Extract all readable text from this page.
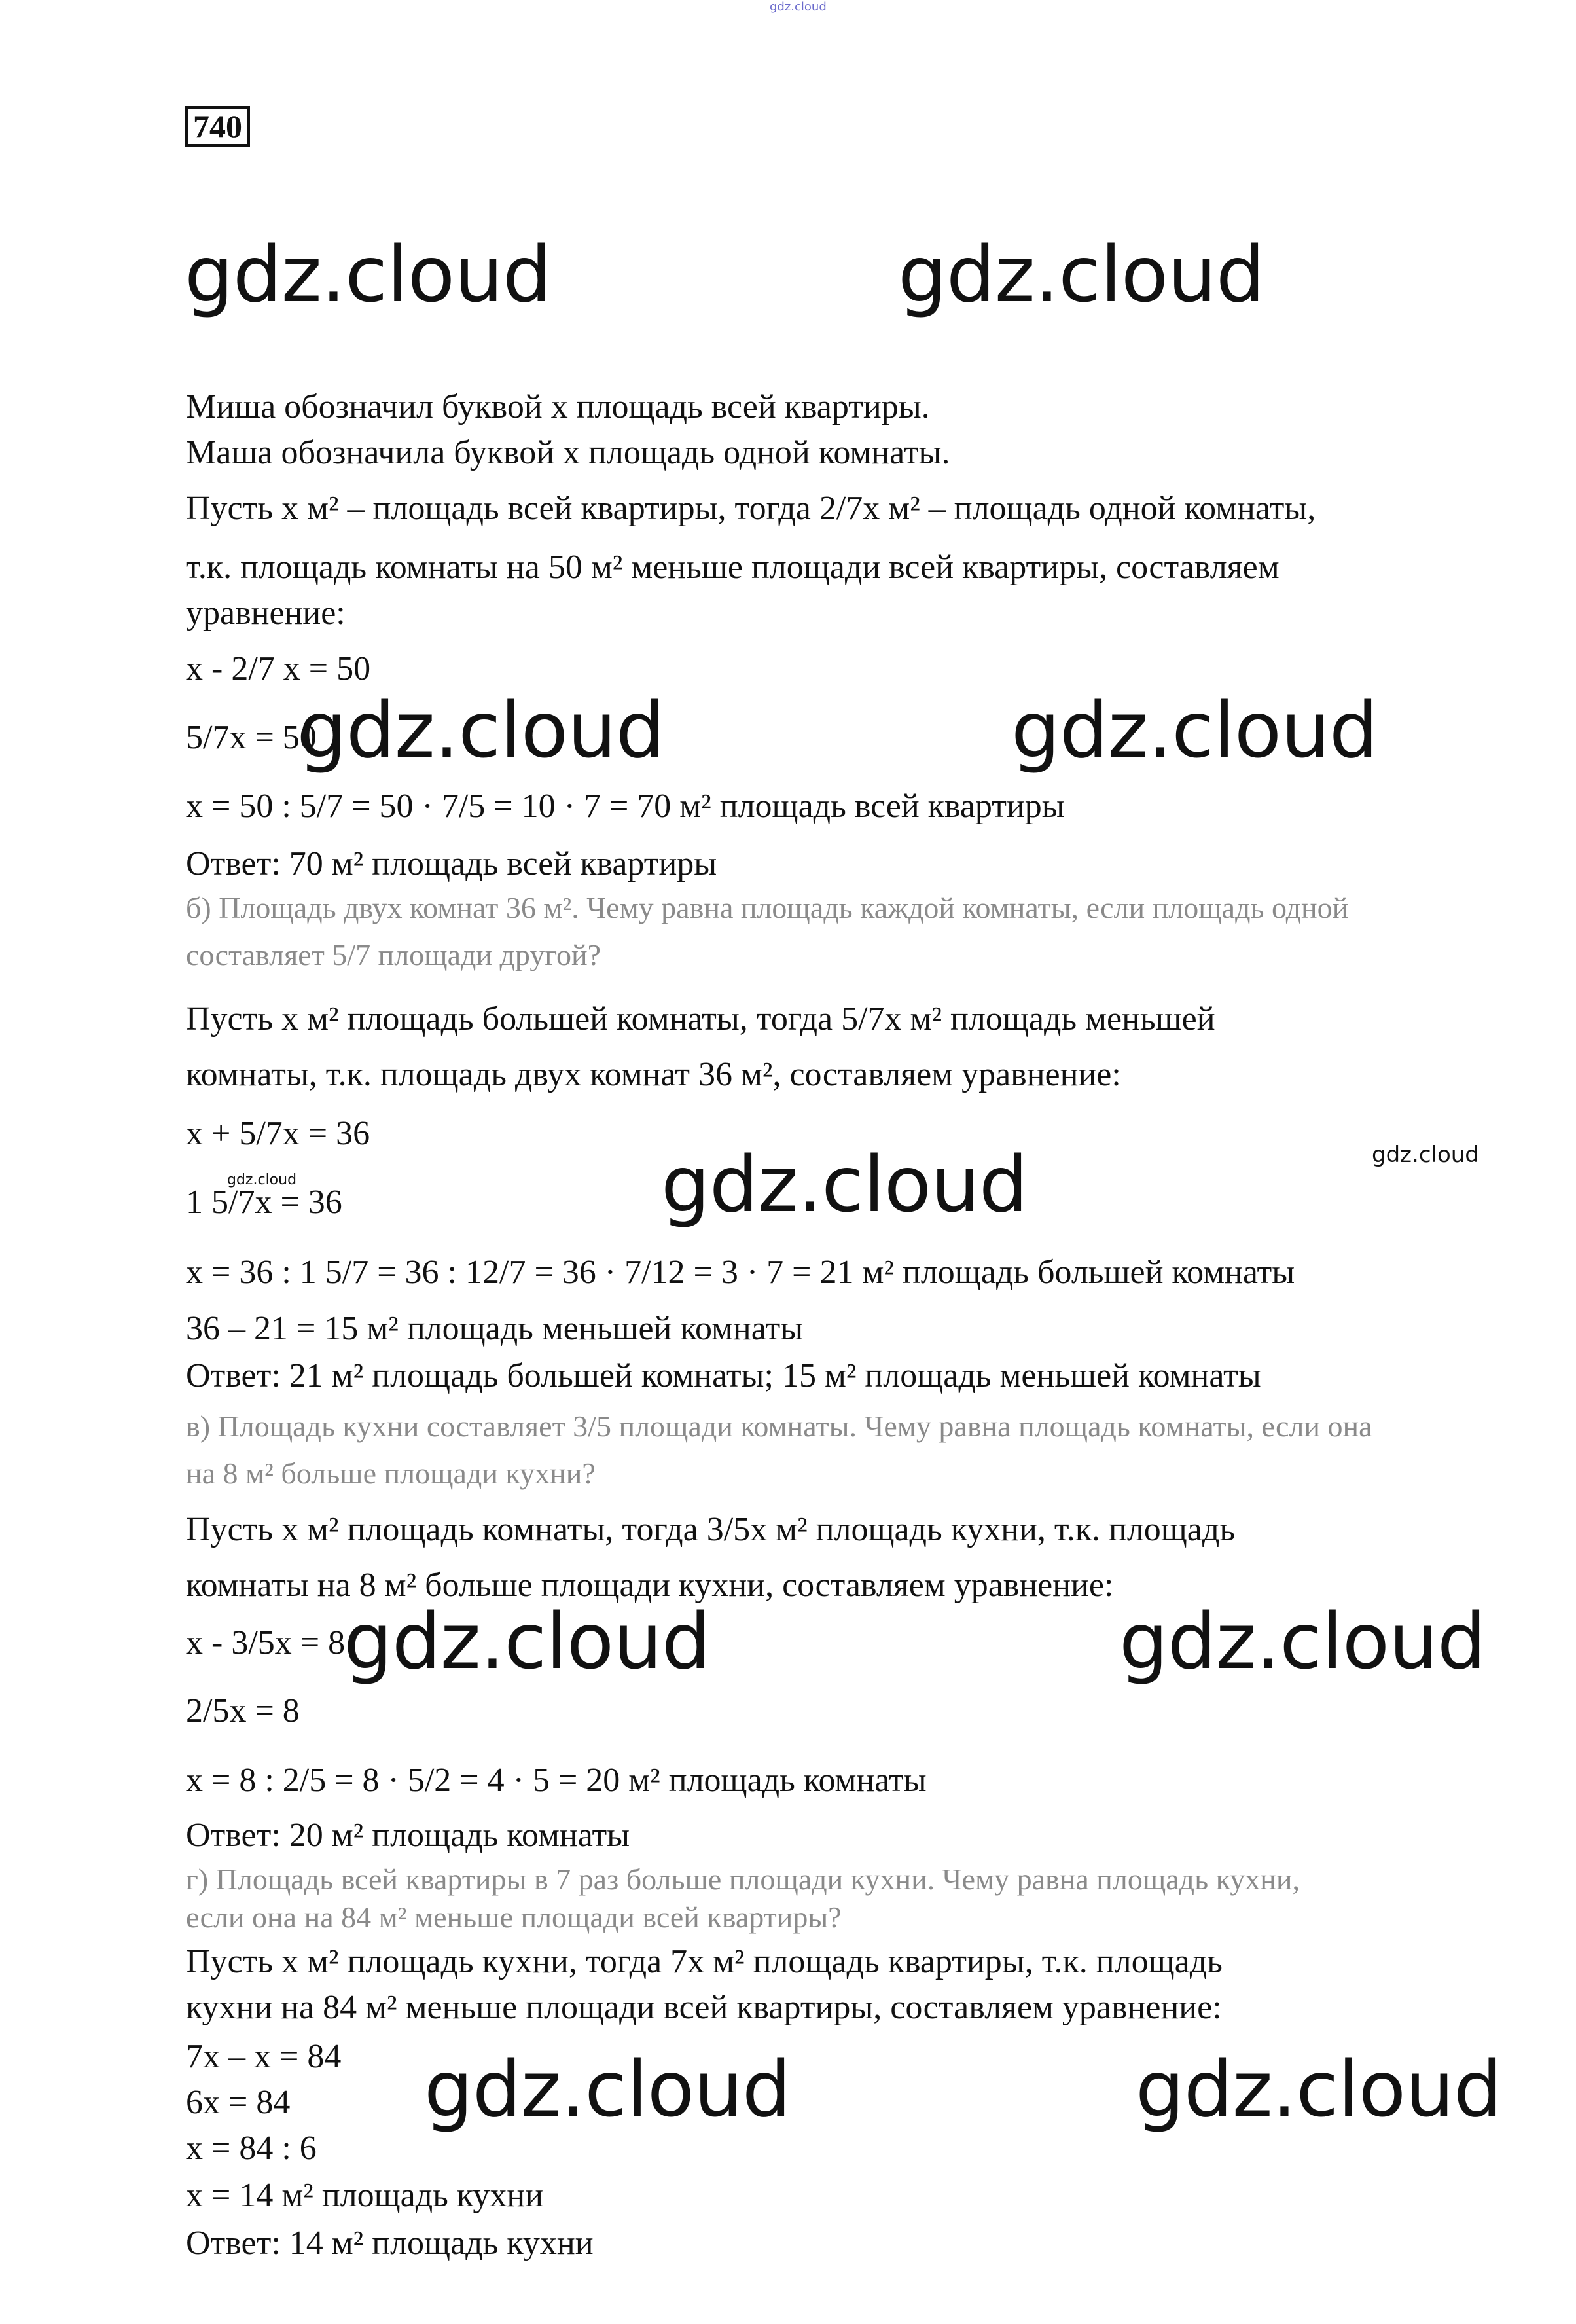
gdz.cloud
740
gdz.cloud	gdz.cloud
gdz.cloud	gdz.cloud
gdz.cloud
gdz.cloud	gdz.cloud
gdz.cloud	gdz.cloud
gdz.cloud
gdz.cloud
Миша обозначил буквой х площадь всей квартиры.
Маша обозначила буквой х площадь одной комнаты.
Пусть х м² – площадь всей квартиры, тогда 2/7х м² – площадь одной комнаты,
т.к. площадь комнаты на 50 м² меньше площади всей квартиры, составляем
уравнение:
х - 2/7 х = 50
5/7х = 50
х = 50 : 5/7 = 50 · 7/5 = 10 · 7 = 70 м² площадь всей квартиры
Ответ: 70 м² площадь всей квартиры
б) Площадь двух комнат 36 м². Чему равна площадь каждой комнаты, если площадь одной
составляет 5/7 площади другой?
Пусть х м² площадь большей комнаты, тогда 5/7х м² площадь меньшей
комнаты, т.к. площадь двух комнат 36 м², составляем уравнение:
х + 5/7х = 36
1 5/7х = 36
х = 36 : 1 5/7 = 36 : 12/7 = 36 · 7/12 = 3 · 7 = 21 м² площадь большей комнаты
36 – 21 = 15 м² площадь меньшей комнаты
Ответ: 21 м² площадь большей комнаты; 15 м² площадь меньшей комнаты
в) Площадь кухни составляет 3/5 площади комнаты. Чему равна площадь комнаты, если она
на 8 м² больше площади кухни?
Пусть х м² площадь комнаты, тогда 3/5х м² площадь кухни, т.к. площадь
комнаты на 8 м² больше площади кухни, составляем уравнение:
х - 3/5х = 8
2/5х = 8
х = 8 : 2/5 = 8 · 5/2 = 4 · 5 = 20 м² площадь комнаты
Ответ: 20 м² площадь комнаты
г) Площадь всей квартиры в 7 раз больше площади кухни. Чему равна площадь кухни,
если она на 84 м² меньше площади всей квартиры?
Пусть х м² площадь кухни, тогда 7х м² площадь квартиры, т.к. площадь
кухни на 84 м² меньше площади всей квартиры, составляем уравнение:
7х – х = 84
6х = 84
х = 84 : 6
х = 14 м² площадь кухни
Ответ: 14 м² площадь кухни
